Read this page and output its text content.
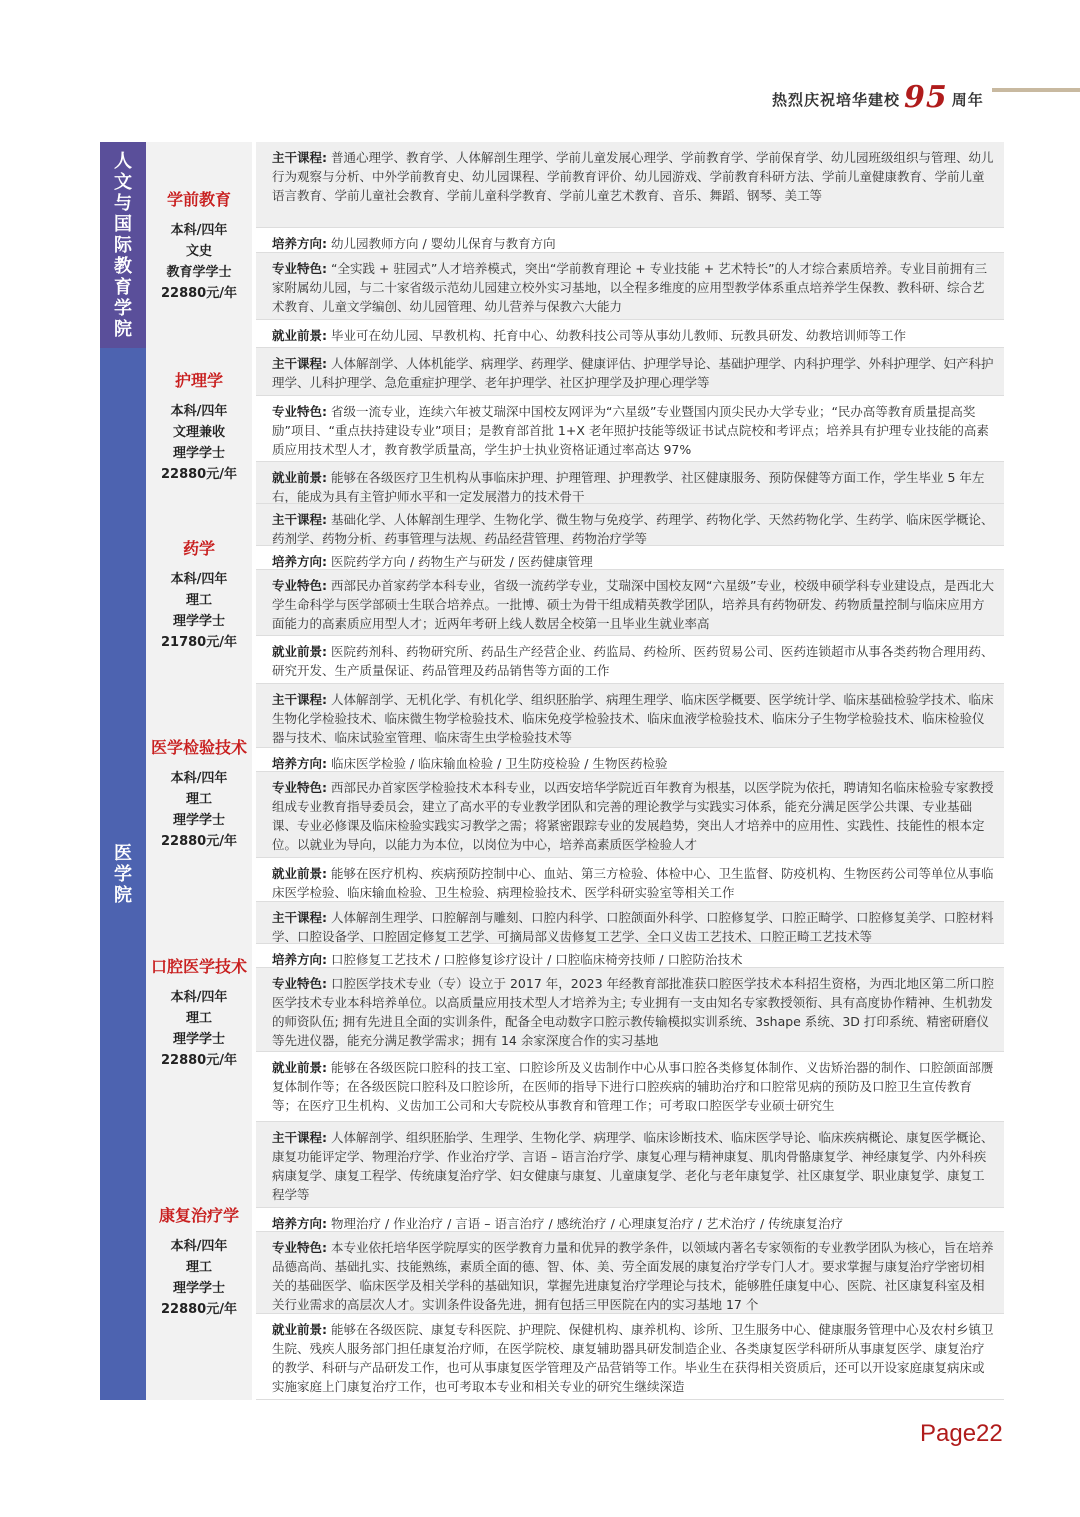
热烈庆祝培华建校 95 周年
人文与国际教育学院
医学院
学前教育
本科/四年
文史
教育学学士
22880元/年
主干课程: 普通心理学、教育学、人体解剖生理学、学前儿童发展心理学、学前教育学、学前保育学、幼儿园班级组织与管理、幼儿行为观察与分析、中外学前教育史、幼儿园课程、学前教育评价、幼儿园游戏、学前教育科研方法、学前儿童健康教育、学前儿童语言教育、学前儿童社会教育、学前儿童科学教育、学前儿童艺术教育、音乐、舞蹈、钢琴、美工等
培养方向: 幼儿园教师方向 / 婴幼儿保育与教育方向
专业特色: “全实践 + 驻园式”人才培养模式，突出“学前教育理论 + 专业技能 + 艺术特长”的人才综合素质培养。专业目前拥有三家附属幼儿园，与二十家省级示范幼儿园建立校外实习基地，以全程多维度的应用型教学体系重点培养学生保教、教科研、综合艺术教育、儿童文学编创、幼儿园管理、幼儿营养与保教六大能力
就业前景: 毕业可在幼儿园、早教机构、托育中心、幼教科技公司等从事幼儿教师、玩教具研发、幼教培训师等工作
护理学
本科/四年
文理兼收
理学学士
22880元/年
主干课程: 人体解剖学、人体机能学、病理学、药理学、健康评估、护理学导论、基础护理学、内科护理学、外科护理学、妇产科护理学、儿科护理学、急危重症护理学、老年护理学、社区护理学及护理心理学等
专业特色: 省级一流专业，连续六年被艾瑞深中国校友网评为“六星级”专业暨国内顶尖民办大学专业；“民办高等教育质量提高奖励”项目、“重点扶持建设专业”项目；是教育部首批 1+X 老年照护技能等级证书试点院校和考评点；培养具有护理专业技能的高素质应用技术型人才，教育教学质量高，学生护士执业资格证通过率高达 97%
就业前景: 能够在各级医疗卫生机构从事临床护理、护理管理、护理教学、社区健康服务、预防保健等方面工作，学生毕业 5 年左右，能成为具有主管护师水平和一定发展潜力的技术骨干
药学
本科/四年
理工
理学学士
21780元/年
主干课程: 基础化学、人体解剖生理学、生物化学、微生物与免疫学、药理学、药物化学、天然药物化学、生药学、临床医学概论、药剂学、药物分析、药事管理与法规、药品经营管理、药物治疗学等
培养方向: 医院药学方向 / 药物生产与研发 / 医药健康管理
专业特色: 西部民办首家药学本科专业，省级一流药学专业，艾瑞深中国校友网“六星级”专业，校级申硕学科专业建设点，是西北大学生命科学与医学部硕士生联合培养点。一批博、硕士为骨干组成精英教学团队，培养具有药物研发、药物质量控制与临床应用方面能力的高素质应用型人才；近两年考研上线人数居全校第一且毕业生就业率高
就业前景: 医院药剂科、药物研究所、药品生产经营企业、药监局、药检所、医药贸易公司、医药连锁超市从事各类药物合理用药、研究开发、生产质量保证、药品管理及药品销售等方面的工作
医学检验技术
本科/四年
理工
理学学士
22880元/年
主干课程: 人体解剖学、无机化学、有机化学、组织胚胎学、病理生理学、临床医学概要、医学统计学、临床基础检验学技术、临床生物化学检验技术、临床微生物学检验技术、临床免疫学检验技术、临床血液学检验技术、临床分子生物学检验技术、临床检验仪器与技术、临床试验室管理、临床寄生虫学检验技术等
培养方向: 临床医学检验 / 临床输血检验 / 卫生防疫检验 / 生物医药检验
专业特色: 西部民办首家医学检验技术本科专业，以西安培华学院近百年教育为根基，以医学院为依托，聘请知名临床检验专家教授组成专业教育指导委员会，建立了高水平的专业教学团队和完善的理论教学与实践实习体系，能充分满足医学公共课、专业基础课、专业必修课及临床检验实践实习教学之需；将紧密跟踪专业的发展趋势，突出人才培养中的应用性、实践性、技能性的根本定位。以就业为导向，以能力为本位，以岗位为中心，培养高素质医学检验人才
就业前景: 能够在医疗机构、疾病预防控制中心、血站、第三方检验、体检中心、卫生监督、防疫机构、生物医药公司等单位从事临床医学检验、临床输血检验、卫生检验、病理检验技术、医学科研实验室等相关工作
口腔医学技术
本科/四年
理工
理学学士
22880元/年
主干课程: 人体解剖生理学、口腔解剖与雕刻、口腔内科学、口腔颌面外科学、口腔修复学、口腔正畸学、口腔修复美学、口腔材料学、口腔设备学、口腔固定修复工艺学、可摘局部义齿修复工艺学、全口义齿工艺技术、口腔正畸工艺技术等
培养方向: 口腔修复工艺技术 / 口腔修复诊疗设计 / 口腔临床椅旁技师 / 口腔防治技术
专业特色: 口腔医学技术专业（专）设立于 2017 年，2023 年经教育部批准获口腔医学技术本科招生资格，为西北地区第二所口腔医学技术专业本科培养单位。以高质量应用技术型人才培养为主; 专业拥有一支由知名专家教授领衔、具有高度协作精神、生机勃发的师资队伍; 拥有先进且全面的实训条件，配备全电动数字口腔示教传输模拟实训系统、3shape 系统、3D 打印系统、精密研磨仪等先进仪器，能充分满足教学需求；拥有 14 余家深度合作的实习基地
就业前景: 能够在各级医院口腔科的技工室、口腔诊所及义齿制作中心从事口腔各类修复体制作、义齿矫治器的制作、口腔颌面部赝复体制作等；在各级医院口腔科及口腔诊所，在医师的指导下进行口腔疾病的辅助治疗和口腔常见病的预防及口腔卫生宣传教育等；在医疗卫生机构、义齿加工公司和大专院校从事教育和管理工作；可考取口腔医学专业硕士研究生
康复治疗学
本科/四年
理工
理学学士
22880元/年
主干课程: 人体解剖学、组织胚胎学、生理学、生物化学、病理学、临床诊断技术、临床医学导论、临床疾病概论、康复医学概论、康复功能评定学、物理治疗学、作业治疗学、言语 – 语言治疗学、康复心理与精神康复、肌肉骨骼康复学、神经康复学、内外科疾病康复学、康复工程学、传统康复治疗学、妇女健康与康复、儿童康复学、老化与老年康复学、社区康复学、职业康复学、康复工程学等
培养方向: 物理治疗 / 作业治疗 / 言语 – 语言治疗 / 感统治疗 / 心理康复治疗 / 艺术治疗 / 传统康复治疗
专业特色: 本专业依托培华医学院厚实的医学教育力量和优异的教学条件，以领域内著名专家领衔的专业教学团队为核心，旨在培养品德高尚、基础扎实、技能熟练，素质全面的德、智、体、美、劳全面发展的康复治疗学专门人才。要求掌握与康复治疗学密切相关的基础医学、临床医学及相关学科的基础知识，掌握先进康复治疗学理论与技术，能够胜任康复中心、医院、社区康复科室及相关行业需求的高层次人才。实训条件设备先进，拥有包括三甲医院在内的实习基地 17 个
就业前景: 能够在各级医院、康复专科医院、护理院、保健机构、康养机构、诊所、卫生服务中心、健康服务管理中心及农村乡镇卫生院、残疾人服务部门担任康复治疗师，在医学院校、康复辅助器具研发制造企业、各类康复医学科研所从事康复医学、康复治疗的教学、科研与产品研发工作，也可从事康复医学管理及产品营销等工作。毕业生在获得相关资质后，还可以开设家庭康复病床或实施家庭上门康复治疗工作，也可考取本专业和相关专业的研究生继续深造
Page22
